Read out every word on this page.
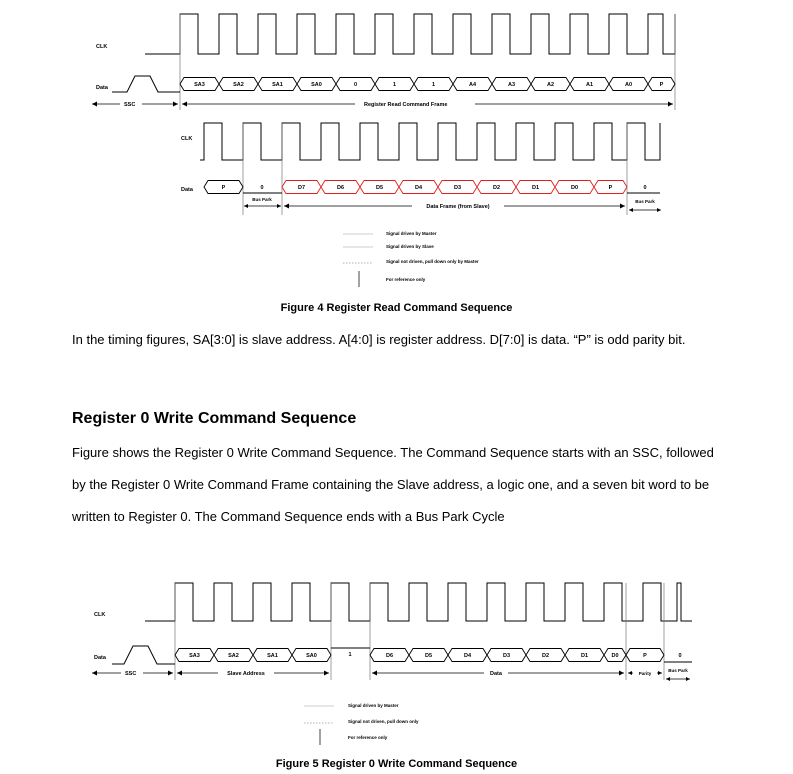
CLK
Data	SA3	SA2	SA1	SA0	0	1	1	A4	A3	A2	A1	A0	P
SSC	Register Read Command Frame
CLK
Data	P	0	D7	D6	D5	D4	D3	D2	D1	D0	P	0
Bus Park
Data Frame (from Slave)
Bus Park
Signal driven by Master
Signal driven by Slave
Signal not driven, pull down only by Master
For reference only
Figure 4 Register Read Command Sequence

In the timing figures, SA[3:0] is slave address. A[4:0] is register address. D[7:0] is data. “P” is odd parity bit.

Register 0 Write Command Sequence

Figure shows the Register 0 Write Command Sequence. The Command Sequence starts with an SSC, followed by the Register 0 Write Command Frame containing the Slave address, a logic one, and a seven bit word to be written to Register 0. The Command Sequence ends with a Bus Park Cycle

CLK
Data	SA3	SA2	SA1	SA0	1	D6	D5	D4	D3	D2	D1	D0	P	0
SSC	Slave Address	Data	Parity
Bus Park
Signal driven by Master
Signal not driven, pull down only
For reference only
Figure 5 Register 0 Write Command Sequence
